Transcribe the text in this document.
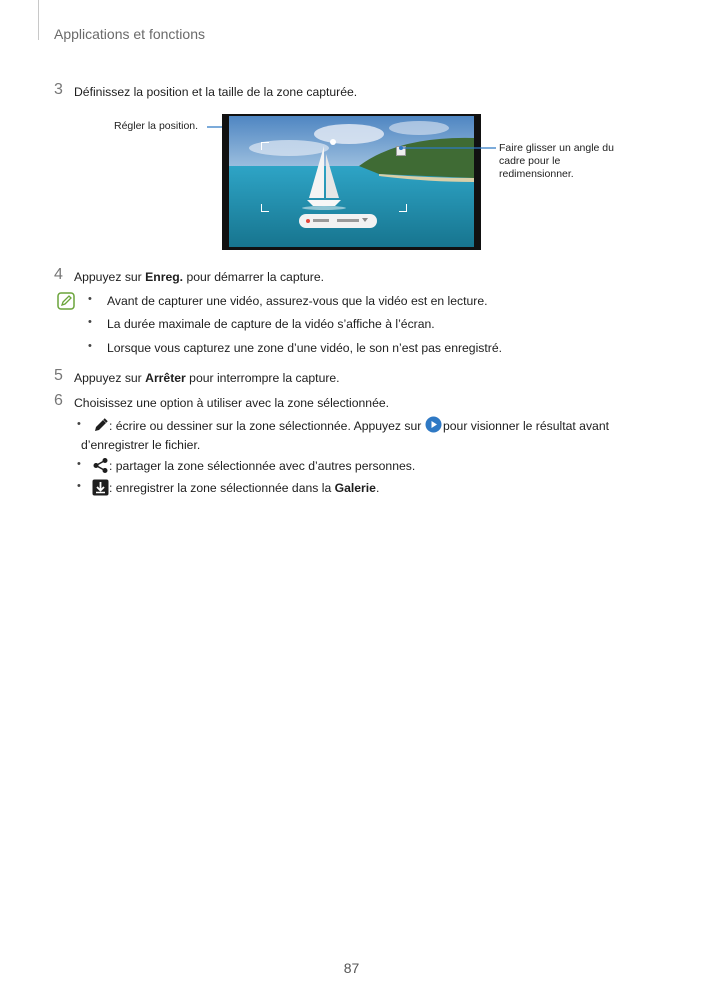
Applications et fonctions
3 Définissez la position et la taille de la zone capturée.
Régler la position.
Faire glisser un angle du
cadre pour le
redimensionner.
4 Appuyez sur Enreg. pour démarrer la capture.
• Avant de capturer une vidéo, assurez-vous que la vidéo est en lecture.
• La durée maximale de capture de la vidéo s’affiche à l’écran.
• Lorsque vous capturez une zone d’une vidéo, le son n’est pas enregistré.
5 Appuyez sur Arrêter pour interrompre la capture.
6 Choisissez une option à utiliser avec la zone sélectionnée.
• : écrire ou dessiner sur la zone sélectionnée. Appuyez sur pour visionner le résultat avant
d’enregistrer le fichier.
• : partager la zone sélectionnée avec d’autres personnes.
• : enregistrer la zone sélectionnée dans la Galerie.
87
